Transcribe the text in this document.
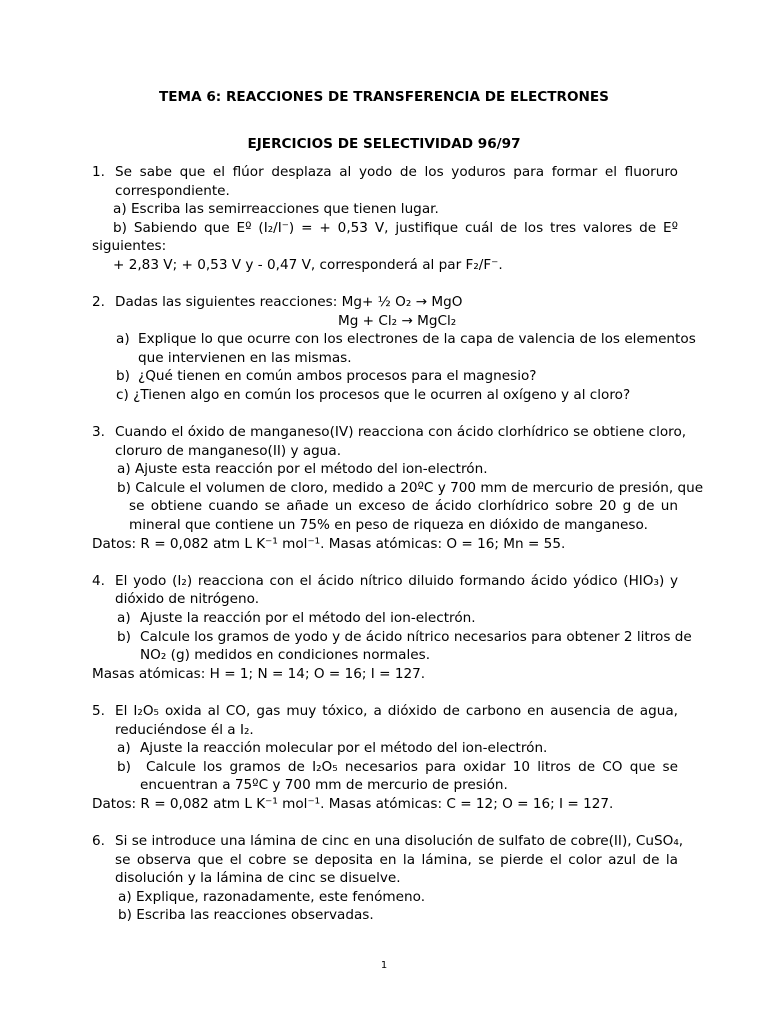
TEMA 6: REACCIONES DE TRANSFERENCIA DE ELECTRONES
EJERCICIOS DE SELECTIVIDAD 96/97
1. Se sabe que el flúor desplaza al yodo de los yoduros para formar el fluoruro
correspondiente.
a) Escriba las semirreacciones que tienen lugar.
b) Sabiendo que Eº (I₂/I⁻) = + 0,53 V, justifique cuál de los tres valores de Eº
siguientes:
+ 2,83 V; + 0,53 V y - 0,47 V, corresponderá al par F₂/F⁻.
2. Dadas las siguientes reacciones: Mg+ ½ O₂ → MgO
Mg + Cl₂ → MgCl₂
a) Explique lo que ocurre con los electrones de la capa de valencia de los elementos
que intervienen en las mismas.
b) ¿Qué tienen en común ambos procesos para el magnesio?
c) ¿Tienen algo en común los procesos que le ocurren al oxígeno y al cloro?
3. Cuando el óxido de manganeso(IV) reacciona con ácido clorhídrico se obtiene cloro,
cloruro de manganeso(II) y agua.
a) Ajuste esta reacción por el método del ion-electrón.
b) Calcule el volumen de cloro, medido a 20ºC y 700 mm de mercurio de presión, que
se obtiene cuando se añade un exceso de ácido clorhídrico sobre 20 g de un
mineral que contiene un 75% en peso de riqueza en dióxido de manganeso.
Datos: R = 0,082 atm L K⁻¹ mol⁻¹. Masas atómicas: O = 16; Mn = 55.
4. El yodo (I₂) reacciona con el ácido nítrico diluido formando ácido yódico (HIO₃) y
dióxido de nitrógeno.
a) Ajuste la reacción por el método del ion-electrón.
b) Calcule los gramos de yodo y de ácido nítrico necesarios para obtener 2 litros de
NO₂ (g) medidos en condiciones normales.
Masas atómicas: H = 1; N = 14; O = 16; I = 127.
5. El I₂O₅ oxida al CO, gas muy tóxico, a dióxido de carbono en ausencia de agua,
reduciéndose él a I₂.
a) Ajuste la reacción molecular por el método del ion-electrón.
b) Calcule los gramos de I₂O₅ necesarios para oxidar 10 litros de CO que se
encuentran a 75ºC y 700 mm de mercurio de presión.
Datos: R = 0,082 atm L K⁻¹ mol⁻¹. Masas atómicas: C = 12; O = 16; I = 127.
6. Si se introduce una lámina de cinc en una disolución de sulfato de cobre(II), CuSO₄,
se observa que el cobre se deposita en la lámina, se pierde el color azul de la
disolución y la lámina de cinc se disuelve.
a) Explique, razonadamente, este fenómeno.
b) Escriba las reacciones observadas.
1
